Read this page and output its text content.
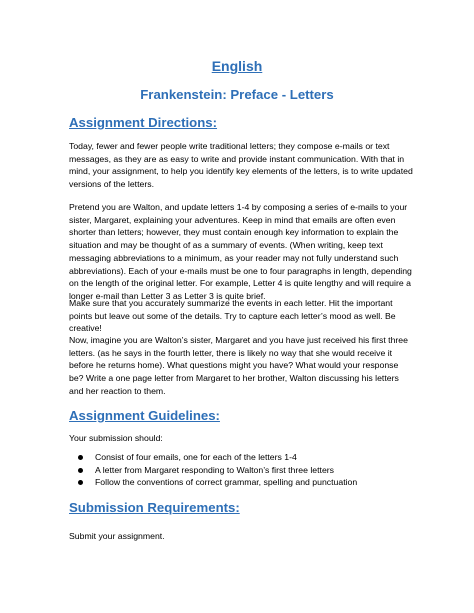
English
Frankenstein: Preface - Letters
Assignment Directions:

Today, fewer and fewer people write traditional letters; they compose e-mails or text messages, as they are as easy to write and provide instant communication. With that in mind, your assignment, to help you identify key elements of the letters, is to write updated versions of the letters.

Pretend you are Walton, and update letters 1-4 by composing a series of e-mails to your sister, Margaret, explaining your adventures. Keep in mind that emails are often even shorter than letters; however, they must contain enough key information to explain the situation and may be thought of as a summary of events. (When writing, keep text messaging abbreviations to a minimum, as your reader may not fully understand such abbreviations). Each of your e-mails must be one to four paragraphs in length, depending on the length of the original letter. For example, Letter 4 is quite lengthy and will require a longer e-mail than Letter 3 as Letter 3 is quite brief.

Make sure that you accurately summarize the events in each letter. Hit the important points but leave out some of the details. Try to capture each letter’s mood as well. Be creative!

Now, imagine you are Walton’s sister, Margaret and you have just received his first three letters. (as he says in the fourth letter, there is likely no way that she would receive it before he returns home). What questions might you have? What would your response be? Write a one page letter from Margaret to her brother, Walton discussing his letters and her reaction to them.

Assignment Guidelines:

Your submission should:

Consist of four emails, one for each of the letters 1-4
A letter from Margaret responding to Walton’s first three letters
Follow the conventions of correct grammar, spelling and punctuation
Submission Requirements:

Submit your assignment.
